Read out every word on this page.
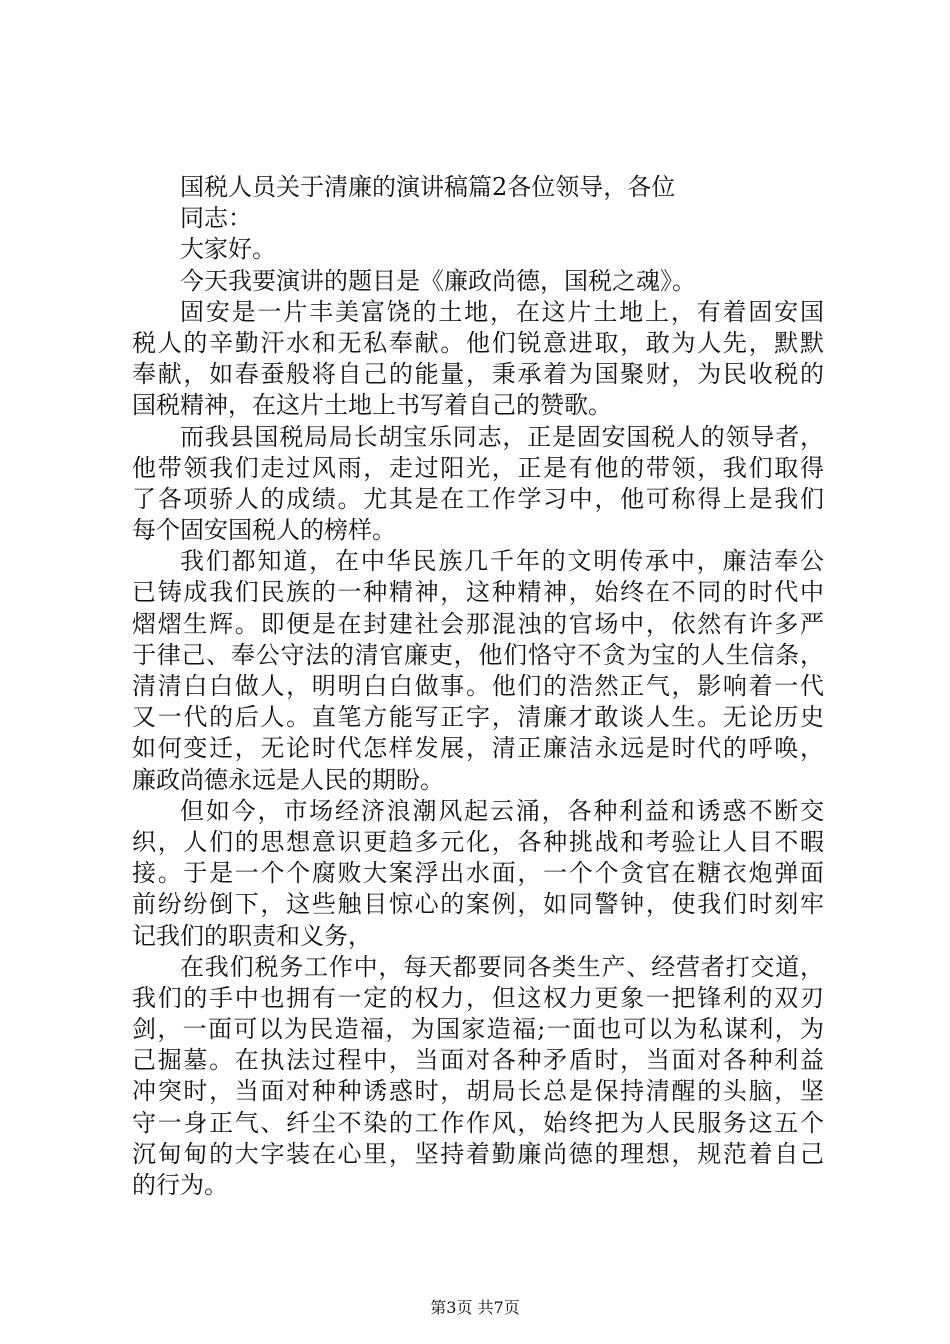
国税人员关于清廉的演讲稿篇2各位领导，各位
同志：
大家好。
今天我要演讲的题目是《廉政尚德，国税之魂》。
固安是一片丰美富饶的土地，在这片土地上，有着固安国
税人的辛勤汗水和无私奉献。他们锐意进取，敢为人先，默默
奉献，如春蚕般将自己的能量，秉承着为国聚财，为民收税的
国税精神，在这片土地上书写着自己的赞歌。
而我县国税局局长胡宝乐同志，正是固安国税人的领导者，
他带领我们走过风雨，走过阳光，正是有他的带领，我们取得
了各项骄人的成绩。尤其是在工作学习中，他可称得上是我们
每个固安国税人的榜样。
我们都知道，在中华民族几千年的文明传承中，廉洁奉公
已铸成我们民族的一种精神，这种精神，始终在不同的时代中
熠熠生辉。即便是在封建社会那混浊的官场中，依然有许多严
于律己、奉公守法的清官廉吏，他们恪守不贪为宝的人生信条，
清清白白做人，明明白白做事。他们的浩然正气，影响着一代
又一代的后人。直笔方能写正字，清廉才敢谈人生。无论历史
如何变迁，无论时代怎样发展，清正廉洁永远是时代的呼唤，
廉政尚德永远是人民的期盼。
但如今，市场经济浪潮风起云涌，各种利益和诱惑不断交
织，人们的思想意识更趋多元化，各种挑战和考验让人目不暇
接。于是一个个腐败大案浮出水面，一个个贪官在糖衣炮弹面
前纷纷倒下，这些触目惊心的案例，如同警钟，使我们时刻牢
记我们的职责和义务，
在我们税务工作中，每天都要同各类生产、经营者打交道，
我们的手中也拥有一定的权力，但这权力更象一把锋利的双刃
剑，一面可以为民造福，为国家造福;一面也可以为私谋利，为
己掘墓。在执法过程中，当面对各种矛盾时，当面对各种利益
冲突时，当面对种种诱惑时，胡局长总是保持清醒的头脑，坚
守一身正气、纤尘不染的工作作风，始终把为人民服务这五个
沉甸甸的大字装在心里，坚持着勤廉尚德的理想，规范着自己
的行为。
第3页 共7页
